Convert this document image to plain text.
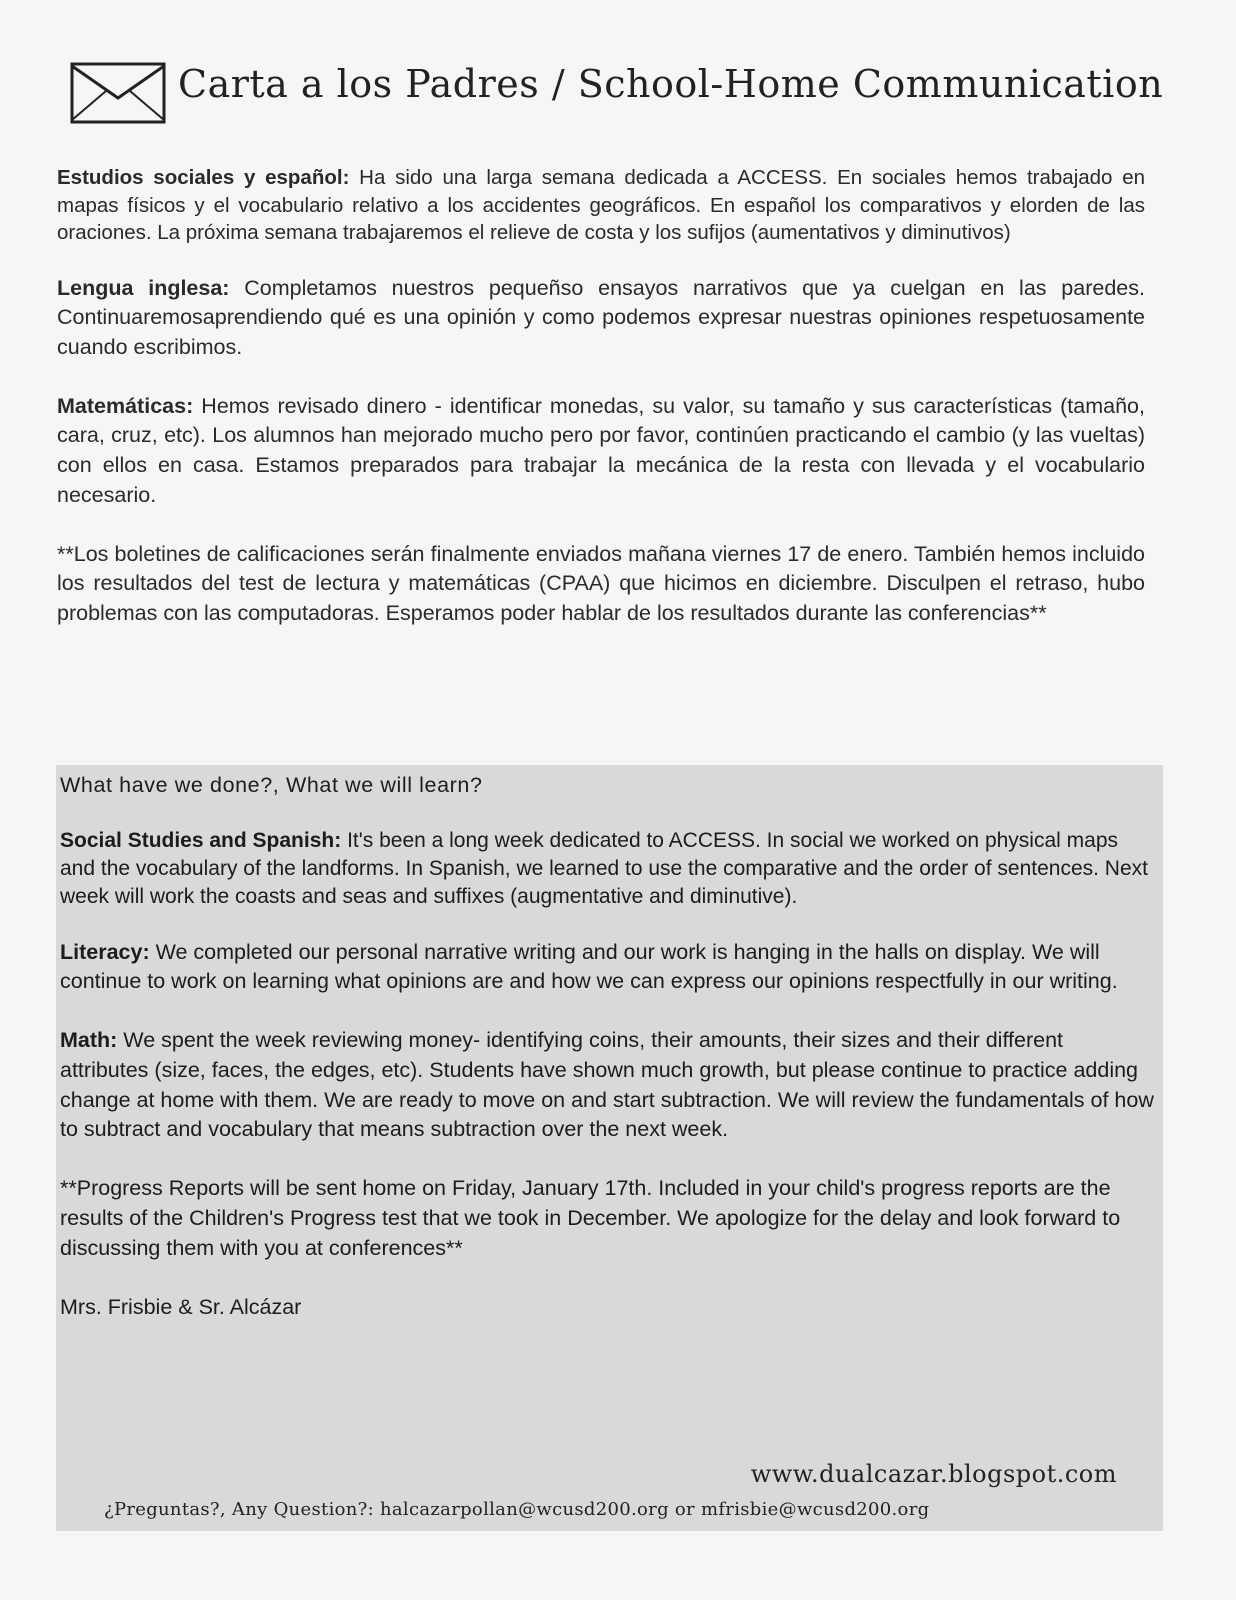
Carta a los Padres / School-Home Communication

Estudios sociales y español: Ha sido una larga semana dedicada a ACCESS. En sociales hemos trabajado en mapas físicos y el vocabulario relativo a los accidentes geográficos. En español los comparativos y elorden de las oraciones. La próxima semana trabajaremos el relieve de costa y los sufijos (aumentativos y diminutivos)

Lengua inglesa: Completamos nuestros pequeñso ensayos narrativos que ya cuelgan en las paredes. Continuaremosaprendiendo qué es una opinión y como podemos expresar nuestras opiniones respetuosamente cuando escribimos.

Matemáticas: Hemos revisado dinero - identificar monedas, su valor, su tamaño y sus características (tamaño, cara, cruz, etc). Los alumnos han mejorado mucho pero por favor, continúen practicando el cambio (y las vueltas) con ellos en casa. Estamos preparados para trabajar la mecánica de la resta con llevada y el vocabulario necesario.

**Los boletines de calificaciones serán finalmente enviados mañana viernes 17 de enero. También hemos incluido los resultados del test de lectura y matemáticas (CPAA) que hicimos en diciembre. Disculpen el retraso, hubo problemas con las computadoras. Esperamos poder hablar de los resultados durante las conferencias**

What have we done?, What we will learn?

Social Studies and Spanish: It's been a long week dedicated to ACCESS. In social we worked on physical maps and the vocabulary of the landforms. In Spanish, we learned to use the comparative and the order of sentences. Next week will work the coasts and seas and suffixes (augmentative and diminutive).

Literacy: We completed our personal narrative writing and our work is hanging in the halls on display. We will continue to work on learning what opinions are and how we can express our opinions respectfully in our writing.

Math: We spent the week reviewing money- identifying coins, their amounts, their sizes and their different attributes (size, faces, the edges, etc). Students have shown much growth, but please continue to practice adding change at home with them. We are ready to move on and start subtraction. We will review the fundamentals of how to subtract and vocabulary that means subtraction over the next week.

**Progress Reports will be sent home on Friday, January 17th. Included in your child's progress reports are the results of the Children's Progress test that we took in December. We apologize for the delay and look forward to discussing them with you at conferences**

Mrs. Frisbie & Sr. Alcázar

www.dualcazar.blogspot.com
¿Preguntas?, Any Question?: halcazarpollan@wcusd200.org or mfrisbie@wcusd200.org
